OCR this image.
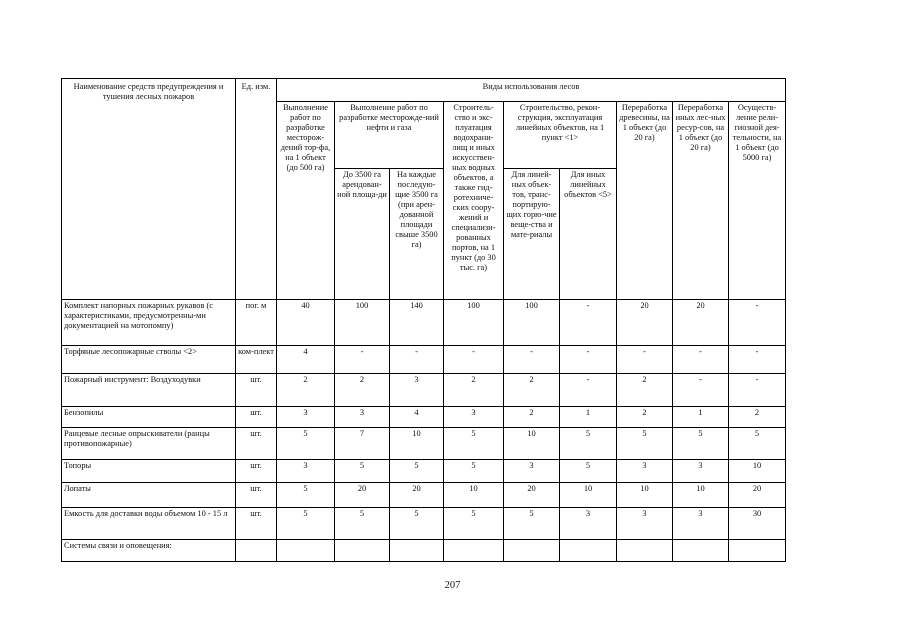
Наименование средств предупреждения и тушения лесных пожаров	Ед. изм.	Виды использования лесов								
		Выполнение работ по разработке месторож-дений тор-фа, на 1 объект (до 500 га)	Выполнение работ по разработке месторожде-ний нефти и газа		Строитель-ство и экс-плуатация водохрани-лищ и иных искусствен-ных водных объектов, а также гид-ротехниче-ских соору-жений и специализи-рованных портов, на 1 пункт (до 30 тыс. га)	Строительство, рекон-струкция, эксплуатация линейных объектов, на 1 пункт <1>		Переработка древесины, на 1 объект (до 20 га)	Переработка иных лес-ных ресур-сов, на 1 объект (до 20 га)	Осуществ-ление рели-гиозной дея-тельности, на 1 объект (до 5000 га)
			До 3500 га арендован-ной площа-ди	На каждые последую-щие 3500 га (при арен-дованной площади свыше 3500 га)		Для линей-ных объек-тов, транс-портирую-щих горю-чие веще-ства и мате-риалы	Для иных линейных объектов <5>			
Комплект напорных пожарных рукавов (с характеристиками, предусмотренны-ми документацией на мотопомпу)	пог. м	40	100	140	100	100	-	20	20	-
Торфяные лесопожарные стволы <2>	ком-плект	4	-	-	-	-	-	-	-	-
Пожарный инструмент: Воздуходувки	шт.	2	2	3	2	2	-	2	-	-
Бензопилы	шт.	3	3	4	3	2	1	2	1	2
Ранцевые лесные опрыскиватели (ранцы противопожарные)	шт.	5	7	10	5	10	5	5	5	5
Топоры	шт.	3	5	5	5	3	5	3	3	10
Лопаты	шт.	5	20	20	10	20	10	10	10	20
Емкость для доставки воды объемом 10 - 15 л	шт.	5	5	5	5	5	3	3	3	30
Системы связи и оповещения:										
207
